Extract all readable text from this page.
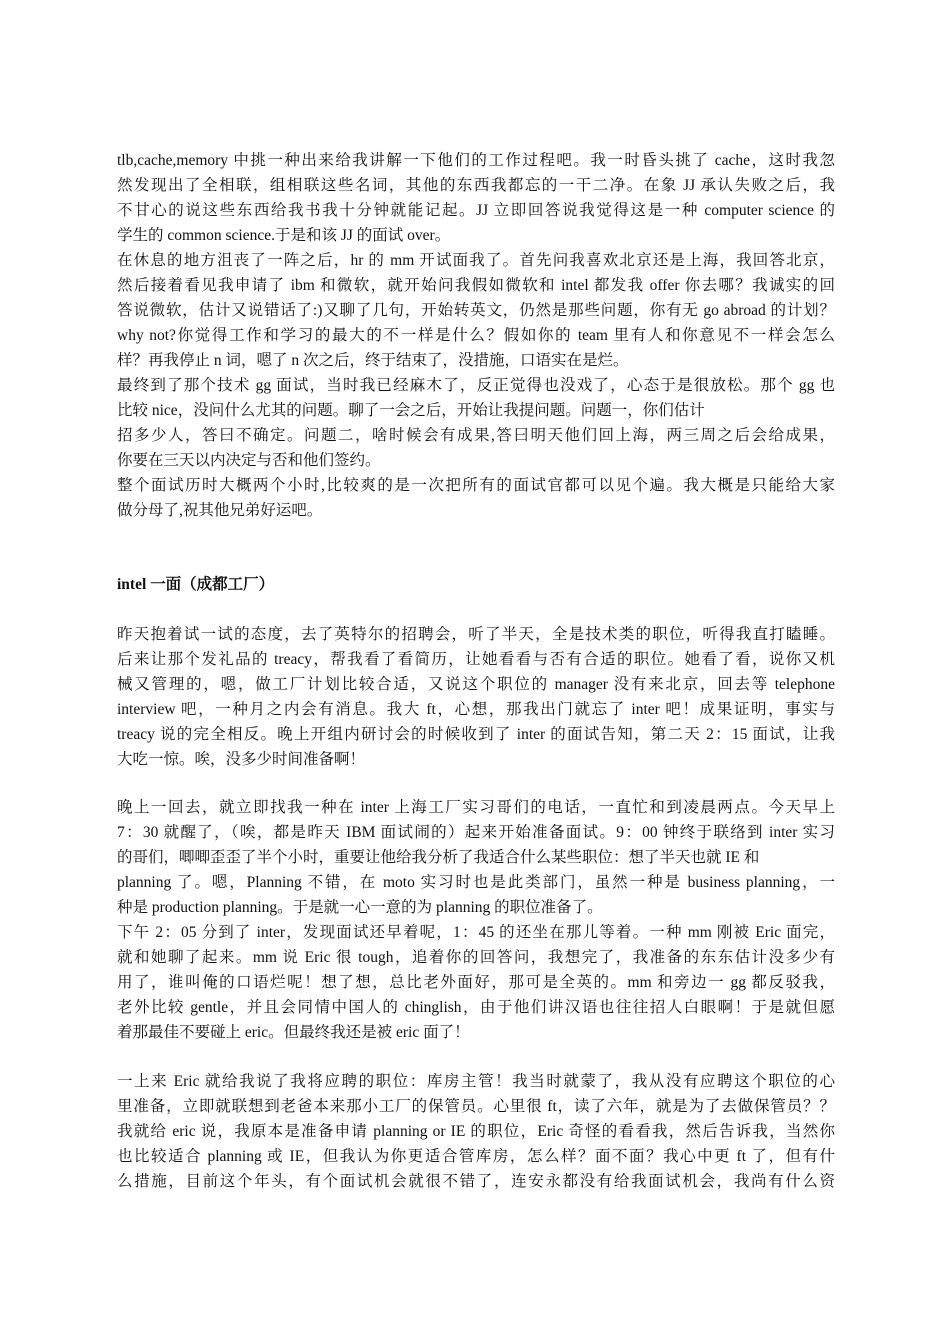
tlb,cache,memory 中挑一种出来给我讲解一下他们的工作过程吧。我一时昏头挑了 cache，这时我忽
然发现出了全相联，组相联这些名词，其他的东西我都忘的一干二净。在象 JJ 承认失败之后，我
不甘心的说这些东西给我书我十分钟就能记起。JJ 立即回答说我觉得这是一种 computer science 的
学生的 common science.于是和该 JJ 的面试 over。
在休息的地方沮丧了一阵之后，hr 的 mm 开试面我了。首先问我喜欢北京还是上海，我回答北京，
然后接着看见我申请了 ibm 和微软，就开始问我假如微软和 intel 都发我 offer 你去哪？我诚实的回
答说微软，估计又说错话了:)又聊了几句，开始转英文，仍然是那些问题，你有无 go abroad 的计划？
why not?你觉得工作和学习的最大的不一样是什么？假如你的 team 里有人和你意见不一样会怎么
样？再我停止 n 词，嗯了 n 次之后，终于结束了，没措施，口语实在是烂。
最终到了那个技术 gg 面试，当时我已经麻木了，反正觉得也没戏了，心态于是很放松。那个 gg 也
比较 nice，没问什么尤其的问题。聊了一会之后，开始让我提问题。问题一，你们估计
招多少人，答曰不确定。问题二，啥时候会有成果,答曰明天他们回上海，两三周之后会给成果，
你要在三天以内决定与否和他们签约。
整个面试历时大概两个小时,比较爽的是一次把所有的面试官都可以见个遍。我大概是只能给大家
做分母了,祝其他兄弟好运吧。
intel 一面（成都工厂）
昨天抱着试一试的态度，去了英特尔的招聘会，听了半天，全是技术类的职位，听得我直打瞌睡。
后来让那个发礼品的 treacy，帮我看了看简历，让她看看与否有合适的职位。她看了看，说你又机
械又管理的，嗯，做工厂计划比较合适，又说这个职位的 manager 没有来北京，回去等 telephone
interview 吧，一种月之内会有消息。我大 ft，心想，那我出门就忘了 inter 吧！成果证明，事实与
treacy 说的完全相反。晚上开组内研讨会的时候收到了 inter 的面试告知，第二天 2：15 面试，让我
大吃一惊。唉，没多少时间准备啊！
晚上一回去，就立即找我一种在 inter 上海工厂实习哥们的电话，一直忙和到凌晨两点。今天早上
7：30 就醒了，（唉，都是昨天 IBM 面试闹的）起来开始准备面试。9：00 钟终于联络到 inter 实习
的哥们，唧唧歪歪了半个小时，重要让他给我分析了我适合什么某些职位：想了半天也就 IE 和
planning 了。嗯，Planning 不错，在 moto 实习时也是此类部门，虽然一种是 business planning，一
种是 production planning。于是就一心一意的为 planning 的职位准备了。
下午 2：05 分到了 inter，发现面试还早着呢，1：45 的还坐在那儿等着。一种 mm 刚被 Eric 面完，
就和她聊了起来。mm 说 Eric 很 tough，追着你的回答问，我想完了，我准备的东东估计没多少有
用了，谁叫俺的口语烂呢！想了想，总比老外面好，那可是全英的。mm 和旁边一 gg 都反驳我，
老外比较 gentle，并且会同情中国人的 chinglish，由于他们讲汉语也往往招人白眼啊！于是就但愿
着那最佳不要碰上 eric。但最终我还是被 eric 面了！
一上来 Eric 就给我说了我将应聘的职位：库房主管！我当时就蒙了，我从没有应聘这个职位的心
里准备，立即就联想到老爸本来那小工厂的保管员。心里很 ft，读了六年，就是为了去做保管员？？
我就给 eric 说，我原本是准备申请 planning or IE 的职位，Eric 奇怪的看看我，然后告诉我，当然你
也比较适合 planning 或 IE，但我认为你更适合管库房，怎么样？面不面？我心中更 ft 了，但有什
么措施，目前这个年头，有个面试机会就很不错了，连安永都没有给我面试机会，我尚有什么资
